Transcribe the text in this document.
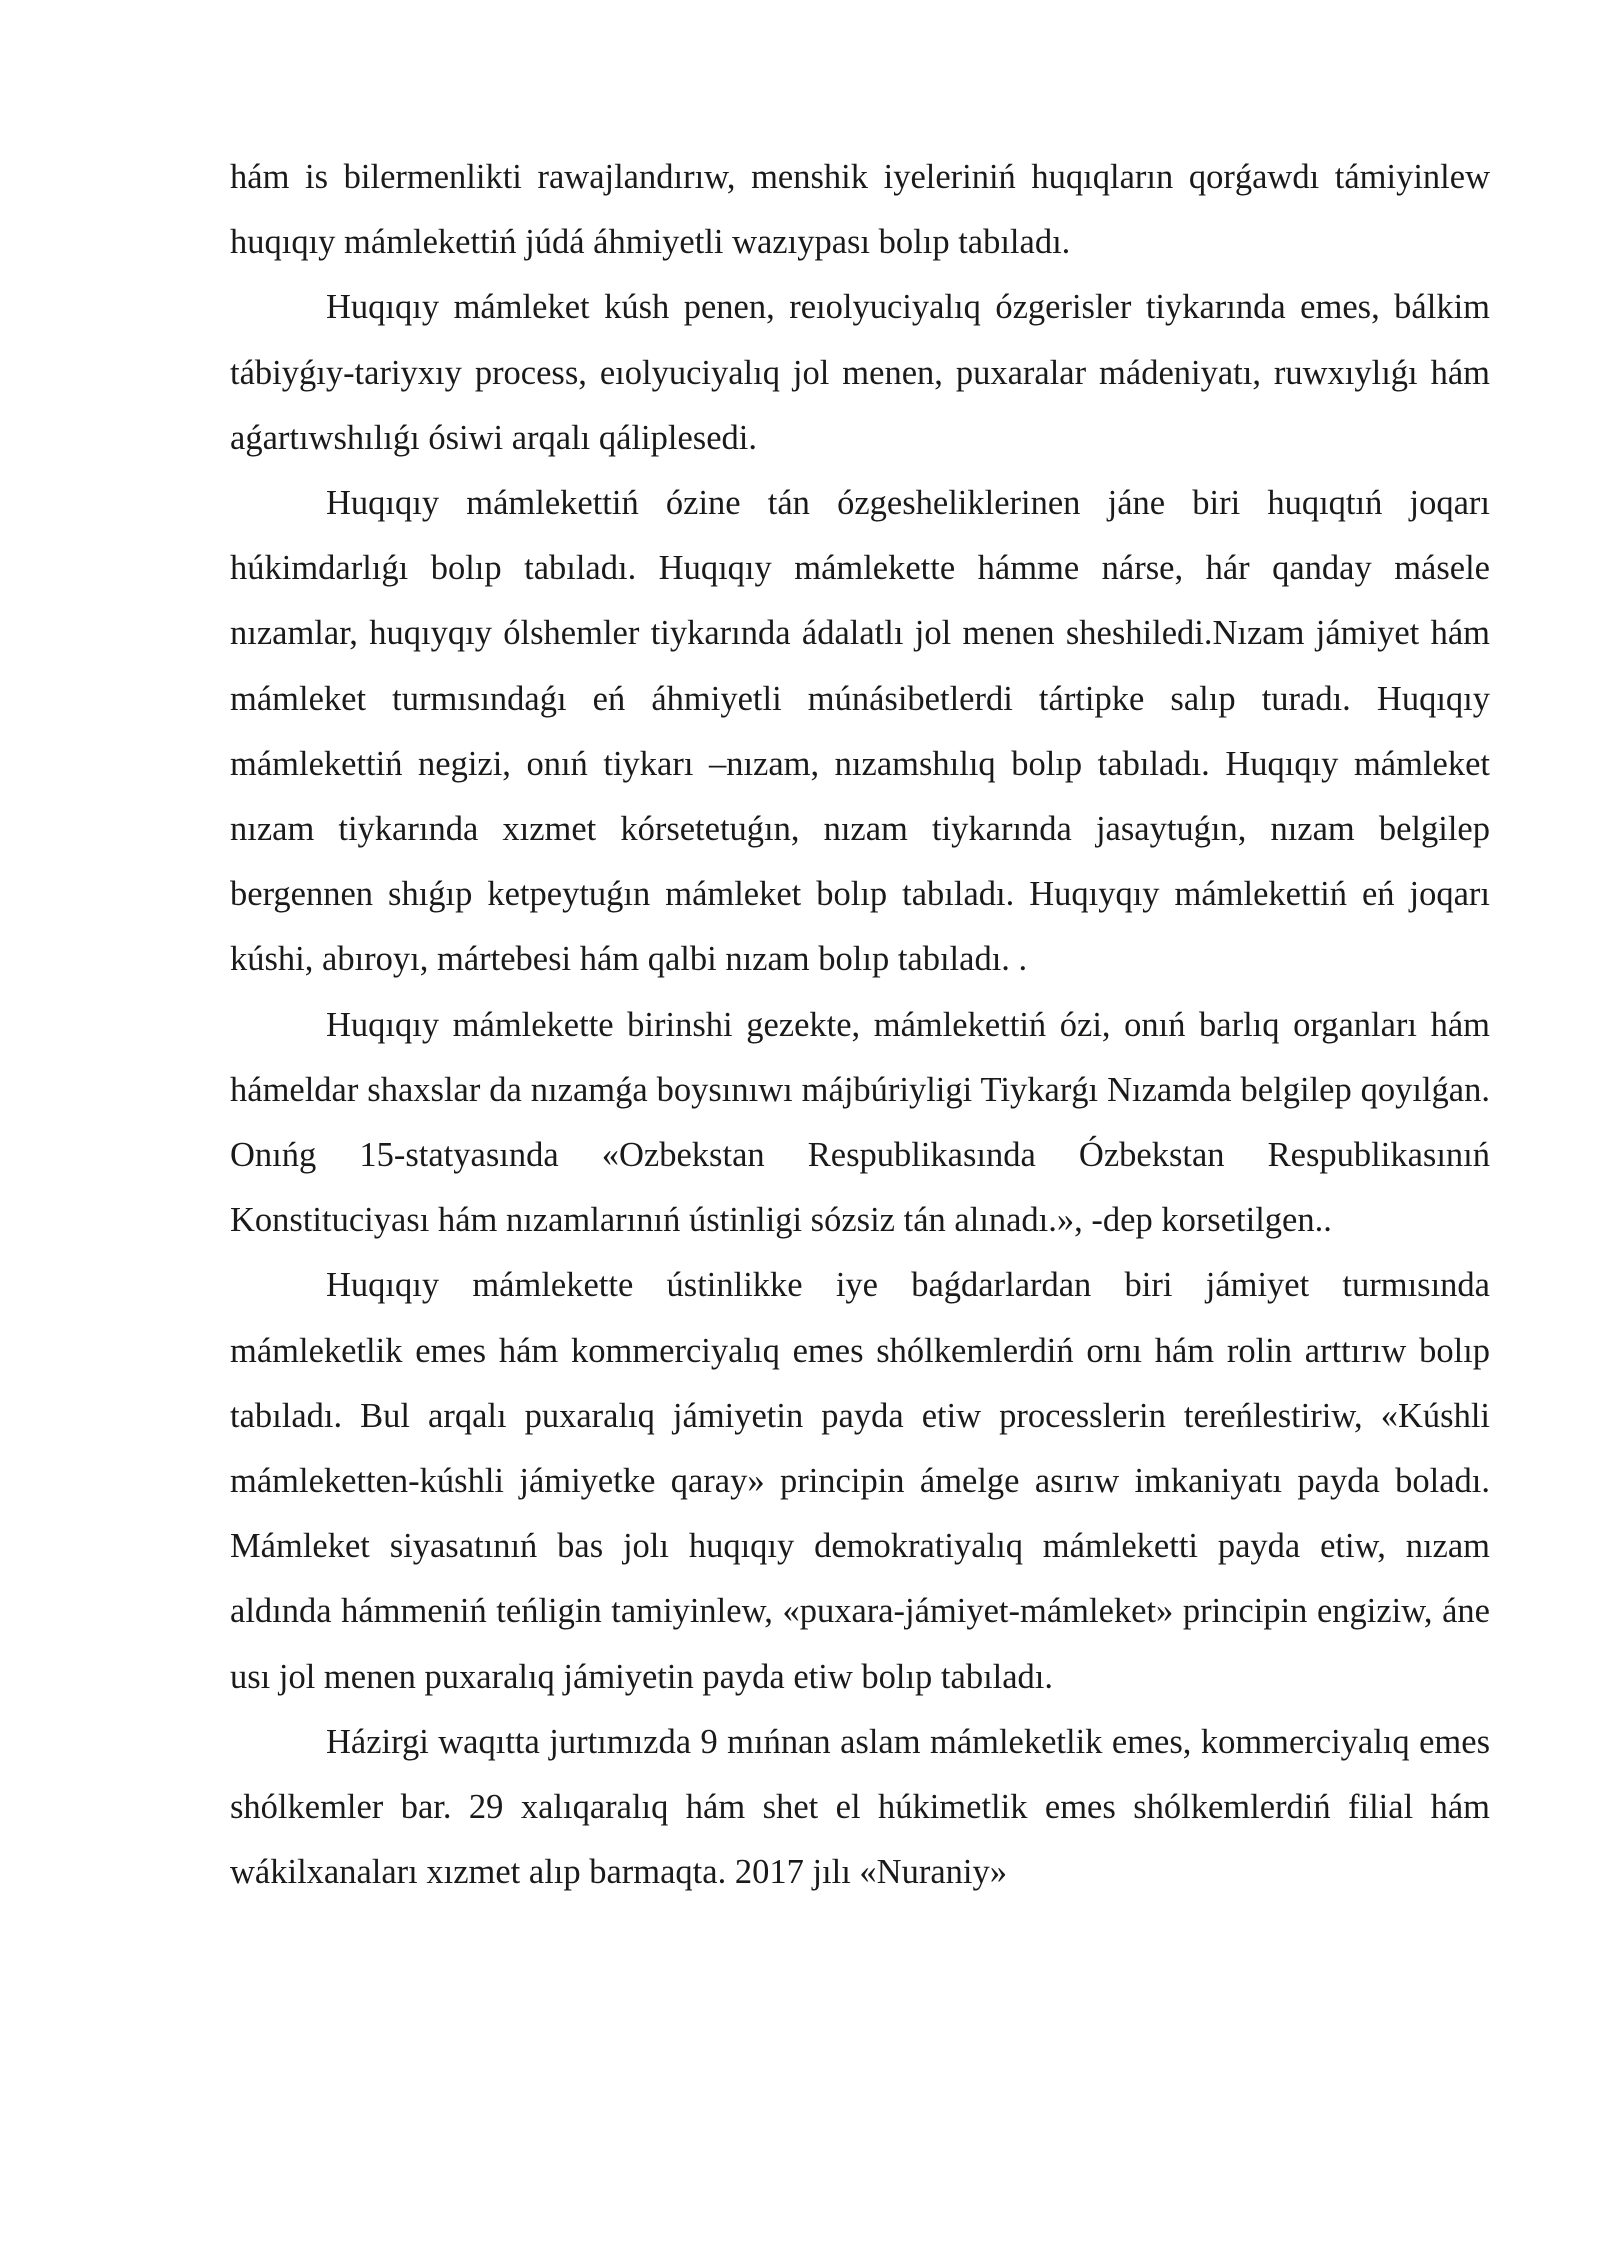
hám is bilermenlikti rawajlandırıw, menshik iyeleriniń huqıqların qorǵawdı támiyinlew huqıqıy mámlekettiń júdá áhmiyetli wazıypası bolıp tabıladı.

Huqıqıy mámleket kúsh penen, reıolyuciyalıq ózgerisler tiykarında emes, bálkim tábiyǵıy-tariyxıy process, eıolyuciyalıq jol menen, puxaralar mádeniyatı, ruwxıylıǵı hám aǵartıwshılıǵı ósiwi arqalı qáliplesedi.

Huqıqıy mámlekettiń ózine tán ózgesheliklerinen jáne biri huqıqtıń joqarı húkimdarlıǵı bolıp tabıladı. Huqıqıy mámlekette hámme nárse, hár qanday másele nızamlar, huqıyqıy ólshemler tiykarında ádalatlı jol menen sheshiledi.Nızam jámiyet hám mámleket turmısındaǵı eń áhmiyetli múnásibetlerdi tártipke salıp turadı. Huqıqıy mámlekettiń negizi, onıń tiykarı –nızam, nızamshılıq bolıp tabıladı. Huqıqıy mámleket nızam tiykarında xızmet kórsetetuǵın, nızam tiykarında jasaytuǵın, nızam belgilep bergennen shıǵıp ketpeytuǵın mámleket bolıp tabıladı. Huqıyqıy mámlekettiń eń joqarı kúshi, abıroyı, mártebesi hám qalbi nızam bolıp tabıladı. .

Huqıqıy mámlekette birinshi gezekte, mámlekettiń ózi, onıń barlıq organları hám hámeldar shaxslar da nızamǵa boysınıwı májbúriyligi Tiykarǵı Nızamda belgilep qoyılǵan. Onıńg 15-statyasında «Ozbekstan Respublikasında Ózbekstan Respublikasınıń Konstituciyası hám nızamlarınıń ústinligi sózsiz tán alınadı.», -dep korsetilgen..

Huqıqıy mámlekette ústinlikke iye baǵdarlardan biri jámiyet turmısında mámleketlik emes hám kommerciyalıq emes shólkemlerdiń ornı hám rolin arttırıw bolıp tabıladı. Bul arqalı puxaralıq jámiyetin payda etiw processlerin tereńlestiriw, «Kúshli mámleketten-kúshli jámiyetke qaray» principin ámelge asırıw imkaniyatı payda boladı. Mámleket siyasatınıń bas jolı huqıqıy demokratiyalıq mámleketti payda etiw, nızam aldında hámmeniń teńligin tamiyinlew, «puxara-jámiyet-mámleket» principin engiziw, áne usı jol menen puxaralıq jámiyetin payda etiw bolıp tabıladı.

Házirgi waqıtta jurtımızda 9 mıńnan aslam mámleketlik emes, kommerciyalıq emes shólkemler bar. 29 xalıqaralıq hám shet el húkimetlik emes shólkemlerdiń filial hám wákilxanaları xızmet alıp barmaqta. 2017 jılı «Nuraniy»
